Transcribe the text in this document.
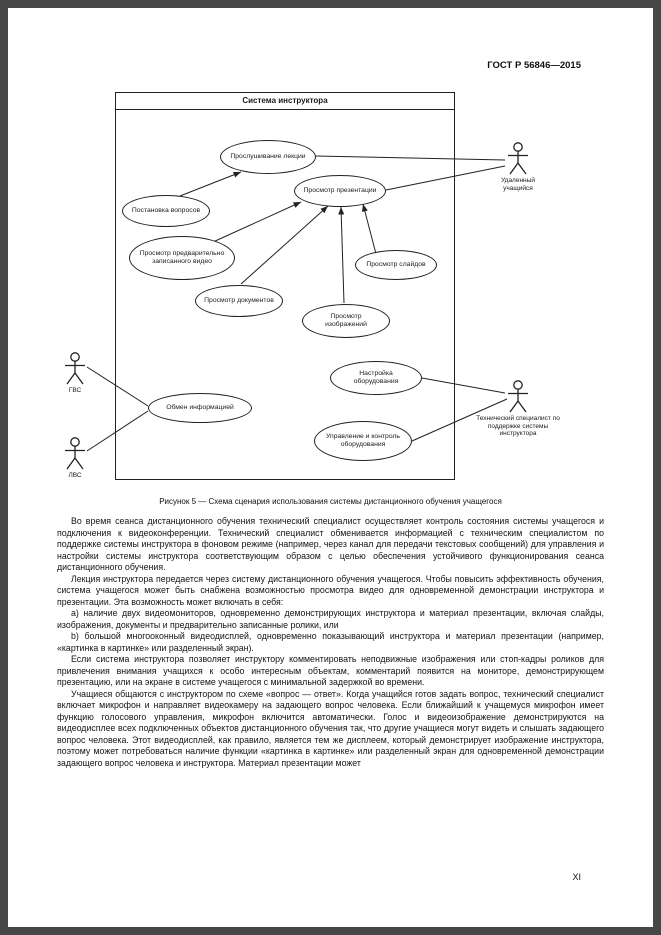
ГОСТ Р 56846—2015
Система инструктора
Прослушивание лекции
Просмотр презентации
Постановка вопросов
Просмотр предварительно записанного видео	Просмотр слайдов
Просмотр документов
Просмотр изображений
Настройка оборудования
Обмен информацией
Управление и контроль оборудования
Удаленный учащийся
ГВС
ЛВС
Технический специалист по поддержке системы инструктора
Рисунок 5 — Схема сценария использования системы дистанционного обучения учащегося

Во время сеанса дистанционного обучения технический специалист осуществляет контроль состояния системы учащегося и подключения к видеоконференции. Технический специалист обменивается информацией с техническим специалистом по поддержке системы инструктора в фоновом режиме (например, через канал для передачи текстовых сообщений) для управления и настройки системы инструктора соответствующим образом с целью обеспечения устойчивого функционирования сеанса дистанционного обучения.

Лекция инструктора передается через систему дистанционного обучения учащегося. Чтобы повысить эффективность обучения, система учащегося может быть снабжена возможностью просмотра видео для одновременной демонстрации инструктора и презентации. Эта возможность может включать в себя:

а) наличие двух видеомониторов, одновременно демонстрирующих инструктора и материал презентации, включая слайды, изображения, документы и предварительно записанные ролики, или

b) большой многооконный видеодисплей, одновременно показывающий инструктора и материал презентации (например, «картинка в картинке» или разделенный экран).

Если система инструктора позволяет инструктору комментировать неподвижные изображения или стоп-кадры роликов для привлечения внимания учащихся к особо интересным объектам, комментарий появится на мониторе, демонстрирующем презентацию, или на экране в системе учащегося с минимальной задержкой во времени.

Учащиеся общаются с инструктором по схеме «вопрос — ответ». Когда учащийся готов задать вопрос, технический специалист включает микрофон и направляет видеокамеру на задающего вопрос человека. Если ближайший к учащемуся микрофон имеет функцию голосового управления, микрофон включится автоматически. Голос и видеоизображение демонстрируются на видеодисплее всех подключенных объектов дистанционного обучения так, что другие учащиеся могут видеть и слышать задающего вопрос человека. Этот видеодисплей, как правило, является тем же дисплеем, который демонстрирует изображение инструктора, поэтому может потребоваться наличие функции «картинка в картинке» или разделенный экран для одновременной демонстрации задающего вопрос человека и инструктора. Материал презентации может

XI
